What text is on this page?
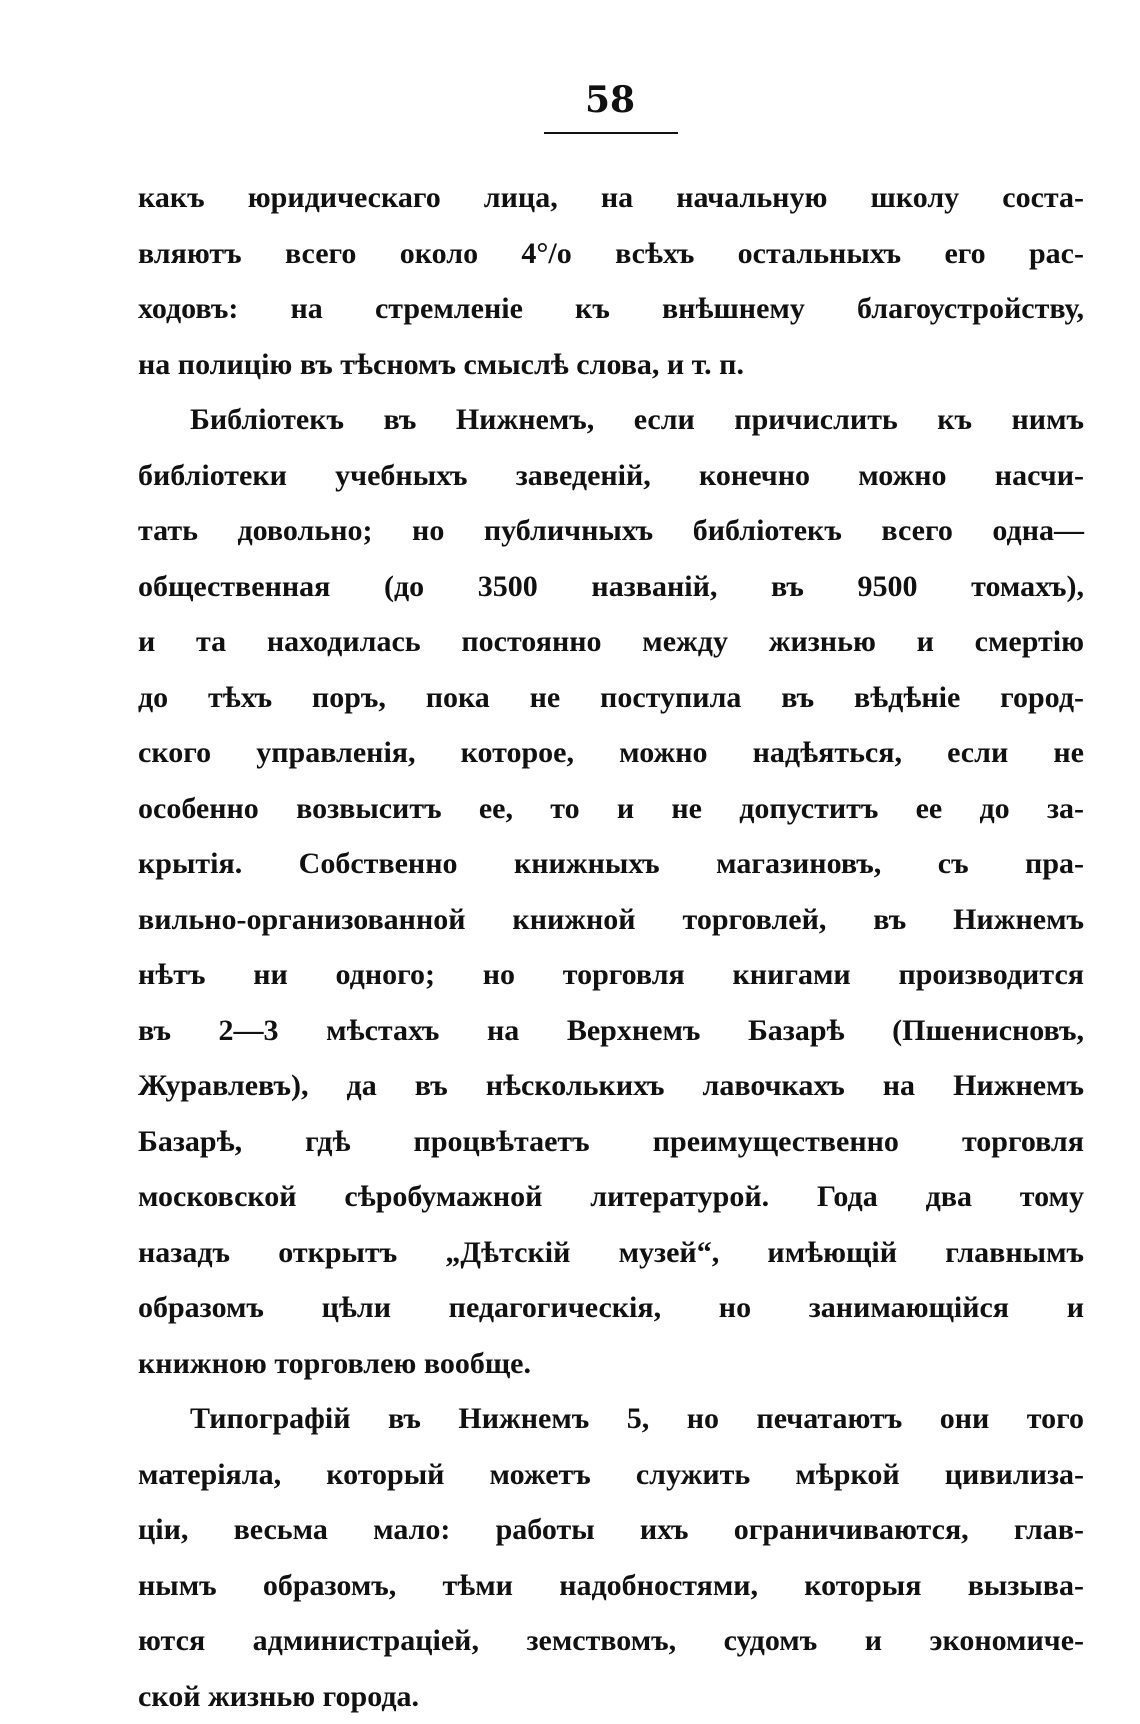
58
какъ юридическаго лица, на начальную школу соста-
вляютъ всего около 4°/o всѣхъ остальныхъ его рас-
ходовъ: на стремленіе къ внѣшнему благоустройству,
на полицію въ тѣсномъ смыслѣ слова, и т. п.
Библіотекъ въ Нижнемъ, если причислить къ нимъ
библіотеки учебныхъ заведеній, конечно можно насчи-
тать довольно; но публичныхъ библіотекъ всего одна—
общественная (до 3500 названій, въ 9500 томахъ),
и та находилась постоянно между жизнью и смертію
до тѣхъ поръ, пока не поступила въ вѣдѣніе город-
ского управленія, которое, можно надѣяться, если не
особенно возвыситъ ее, то и не допуститъ ее до за-
крытія. Собственно книжныхъ магазиновъ, съ пра-
вильно-организованной книжной торговлей, въ Нижнемъ
нѣтъ ни одного; но торговля книгами производится
въ 2—3 мѣстахъ на Верхнемъ Базарѣ (Пшенисновъ,
Журавлевъ), да въ нѣсколькихъ лавочкахъ на Нижнемъ
Базарѣ, гдѣ процвѣтаетъ преимущественно торговля
московской сѣробумажной литературой. Года два тому
назадъ открытъ „Дѣтскій музей“, имѣющій главнымъ
образомъ цѣли педагогическія, но занимающійся и
книжною торговлею вообще.
Типографій въ Нижнемъ 5, но печатаютъ они того
матеріяла, который можетъ служить мѣркой цивилиза-
ціи, весьма мало: работы ихъ ограничиваются, глав-
нымъ образомъ, тѣми надобностями, которыя вызыва-
ются администраціей, земствомъ, судомъ и экономиче-
ской жизнью города.
